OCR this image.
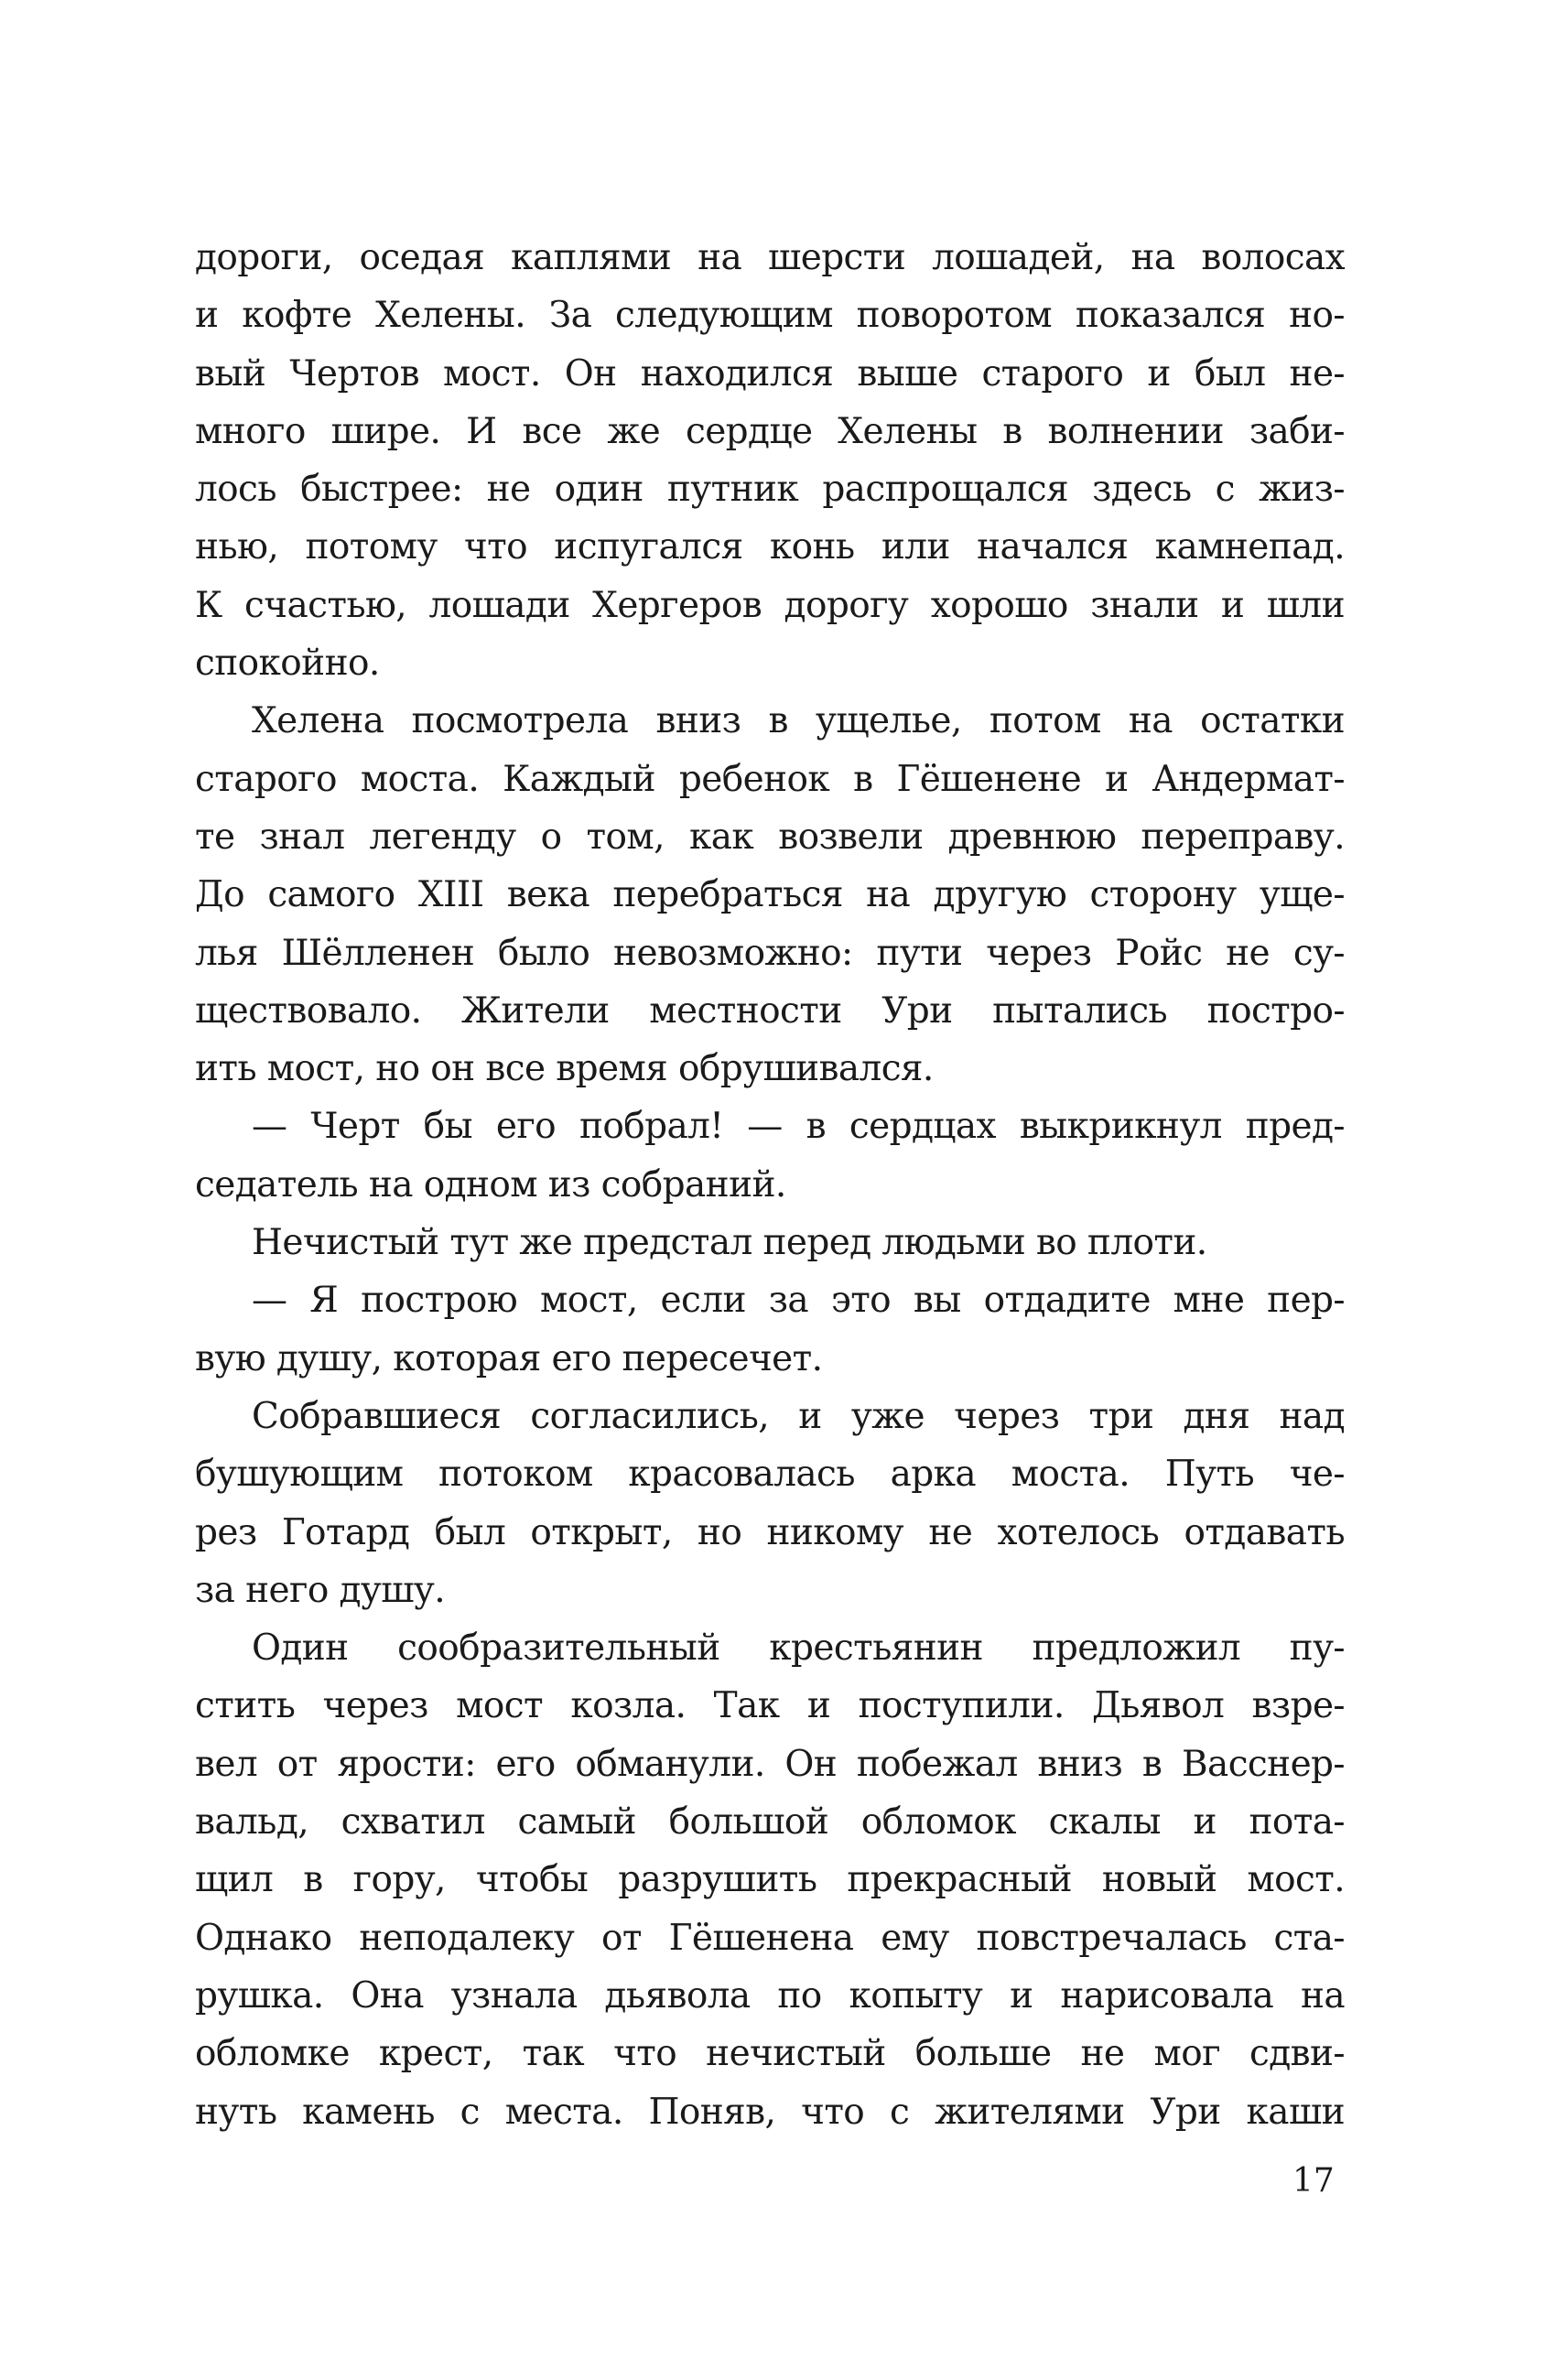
дороги, оседая каплями на шерсти лошадей, на волосах
и кофте Хелены. За следующим поворотом показался но-
вый Чертов мост. Он находился выше старого и был не-
много шире. И все же сердце Хелены в волнении заби-
лось быстрее: не один путник распрощался здесь с жиз-
нью, потому что испугался конь или начался камнепад.
К счастью, лошади Хергеров дорогу хорошо знали и шли
спокойно.
Хелена посмотрела вниз в ущелье, потом на остатки
старого моста. Каждый ребенок в Гёшенене и Андермат-
те знал легенду о том, как возвели древнюю переправу.
До самого XIII века перебраться на другую сторону уще-
лья Шёлленен было невозможно: пути через Ройс не су-
ществовало. Жители местности Ури пытались постро-
ить мост, но он все время обрушивался.
— Черт бы его побрал! — в сердцах выкрикнул пред-
седатель на одном из собраний.
Нечистый тут же предстал перед людьми во плоти.
— Я построю мост, если за это вы отдадите мне пер-
вую душу, которая его пересечет.
Собравшиеся согласились, и уже через три дня над
бушующим потоком красовалась арка моста. Путь че-
рез Готард был открыт, но никому не хотелось отдавать
за него душу.
Один сообразительный крестьянин предложил пу-
стить через мост козла. Так и поступили. Дьявол взре-
вел от ярости: его обманули. Он побежал вниз в Васснер-
вальд, схватил самый большой обломок скалы и пота-
щил в гору, чтобы разрушить прекрасный новый мост.
Однако неподалеку от Гёшенена ему повстречалась ста-
рушка. Она узнала дьявола по копыту и нарисовала на
обломке крест, так что нечистый больше не мог сдви-
нуть камень с места. Поняв, что с жителями Ури каши
17
